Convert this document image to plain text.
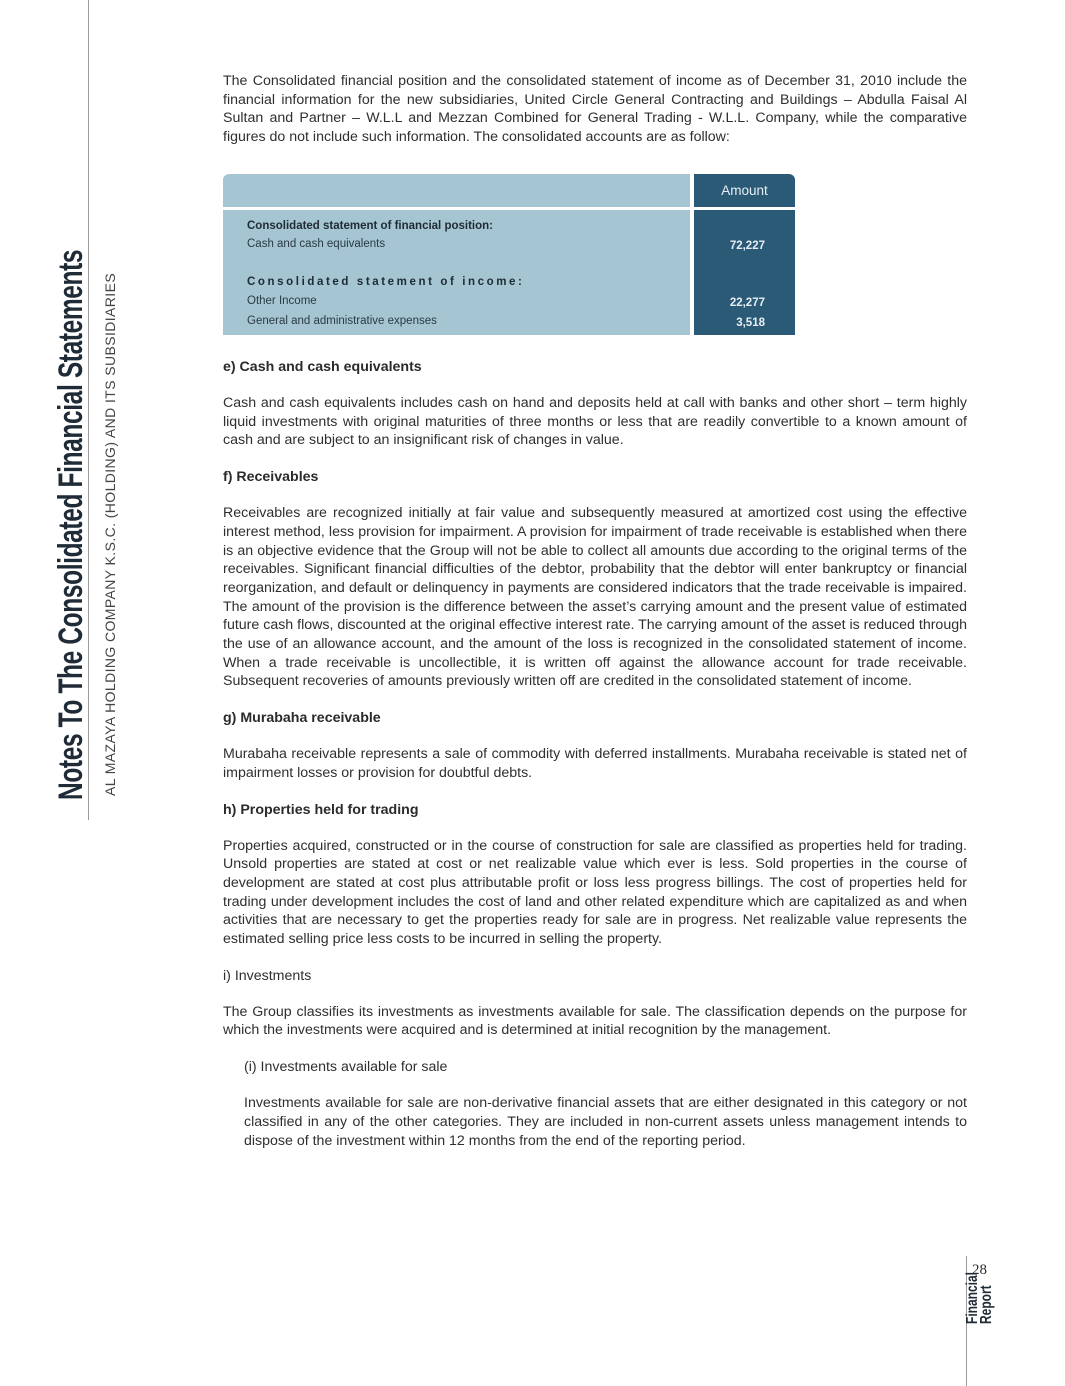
Notes To The Consolidated Financial Statements AL MAZAYA HOLDING COMPANY K.S.C. (HOLDING) AND ITS SUBSIDIARIES

The Consolidated financial position and the consolidated statement of income as of December 31, 2010 include the financial information for the new subsidiaries, United Circle General Contracting and Buildings – Abdulla Faisal Al Sultan and Partner – W.L.L and Mezzan Combined for General Trading - W.L.L. Company, while the comparative figures do not include such information. The consolidated accounts are as follow:

Amount
Consolidated statement of financial position:
Cash and cash equivalents
Consolidated statement of income:
Other Income
General and administrative expenses
72,227
22,277
3,518

e) Cash and cash equivalents

Cash and cash equivalents includes cash on hand and deposits held at call with banks and other short – term highly liquid investments with original maturities of three months or less that are readily convertible to a known amount of cash and are subject to an insignificant risk of changes in value.

f) Receivables

Receivables are recognized initially at fair value and subsequently measured at amortized cost using the effective interest method, less provision for impairment. A provision for impairment of trade receivable is established when there is an objective evidence that the Group will not be able to collect all amounts due according to the original terms of the receivables. Significant financial difficulties of the debtor, probability that the debtor will enter bankruptcy or financial reorganization, and default or delinquency in payments are considered indicators that the trade receivable is impaired. The amount of the provision is the difference between the asset’s carrying amount and the present value of estimated future cash flows, discounted at the original effective interest rate. The carrying amount of the asset is reduced through the use of an allowance account, and the amount of the loss is recognized in the consolidated statement of income. When a trade receivable is uncollectible, it is written off against the allowance account for trade receivable. Subsequent recoveries of amounts previously written off are credited in the consolidated statement of income.

g) Murabaha receivable

Murabaha receivable represents a sale of commodity with deferred installments. Murabaha receivable is stated net of impairment losses or provision for doubtful debts.

h) Properties held for trading

Properties acquired, constructed or in the course of construction for sale are classified as properties held for trading. Unsold properties are stated at cost or net realizable value which ever is less. Sold properties in the course of development are stated at cost plus attributable profit or loss less progress billings. The cost of properties held for trading under development includes the cost of land and other related expenditure which are capitalized as and when activities that are necessary to get the properties ready for sale are in progress. Net realizable value represents the estimated selling price less costs to be incurred in selling the property.

i) Investments

The Group classifies its investments as investments available for sale. The classification depends on the purpose for which the investments were acquired and is determined at initial recognition by the management.

(i) Investments available for sale

Investments available for sale are non-derivative financial assets that are either designated in this category or not classified in any of the other categories. They are included in non-current assets unless management intends to dispose of the investment within 12 months from the end of the reporting period.

Financial
Report
28
